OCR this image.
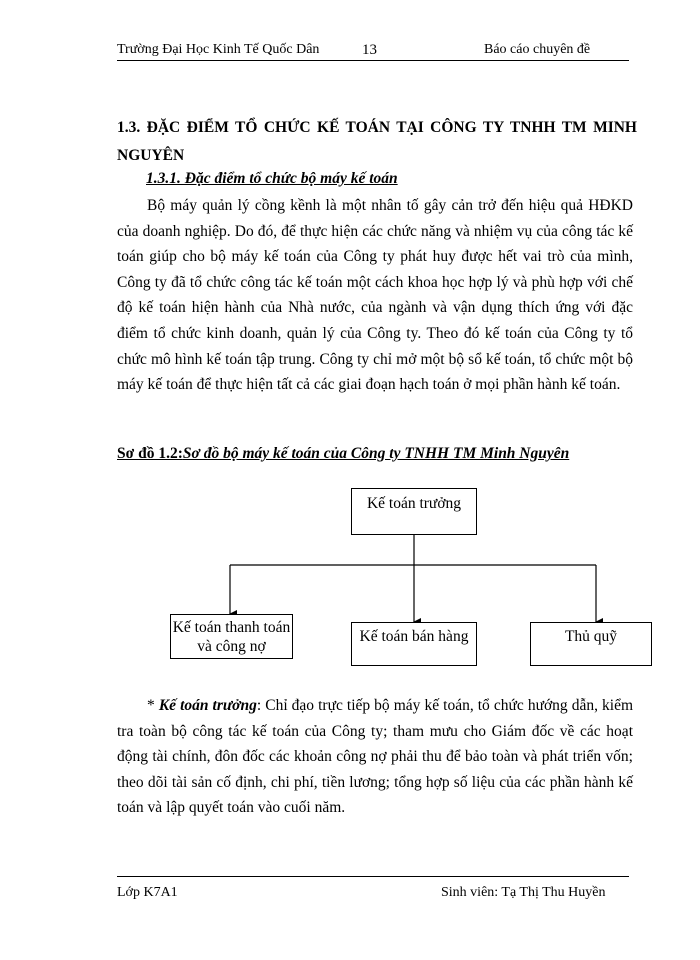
Trường Đại Học Kinh Tế Quốc Dân	13	Báo cáo chuyên đề
1.3. ĐẶC ĐIỂM TỔ CHỨC KẾ TOÁN TẠI CÔNG TY TNHH TM MINH NGUYÊN
1.3.1. Đặc điểm tổ chức bộ máy kế toán

Bộ máy quản lý cồng kềnh là một nhân tố gây cản trở đến hiệu quả HĐKD của doanh nghiệp. Do đó, để thực hiện các chức năng và nhiệm vụ của công tác kế toán giúp cho bộ máy kế toán của Công ty phát huy được hết vai trò của mình, Công ty đã tổ chức công tác kế toán một cách khoa học hợp lý và phù hợp với chế độ kế toán hiện hành của Nhà nước, của ngành và vận dụng thích ứng với đặc điểm tổ chức kinh doanh, quản lý của Công ty. Theo đó kế toán của Công ty tổ chức mô hình kế toán tập trung. Công ty chỉ mở một bộ sổ kế toán, tổ chức một bộ máy kế toán để thực hiện tất cả các giai đoạn hạch toán ở mọi phần hành kế toán.

Sơ đồ 1.2:Sơ đồ bộ máy kế toán của Công ty TNHH TM Minh Nguyên
Kế toán trưởng
Kế toán thanh toán và công nợ
Kế toán bán hàng	Thủ quỹ

* Kế toán trưởng: Chỉ đạo trực tiếp bộ máy kế toán, tổ chức hướng dẫn, kiểm tra toàn bộ công tác kế toán của Công ty; tham mưu cho Giám đốc về các hoạt động tài chính, đôn đốc các khoản công nợ phải thu để bảo toàn và phát triển vốn; theo dõi tài sản cố định, chi phí, tiền lương; tổng hợp số liệu của các phần hành kế toán và lập quyết toán vào cuối năm.

Lớp K7A1	Sinh viên: Tạ Thị Thu Huyền
